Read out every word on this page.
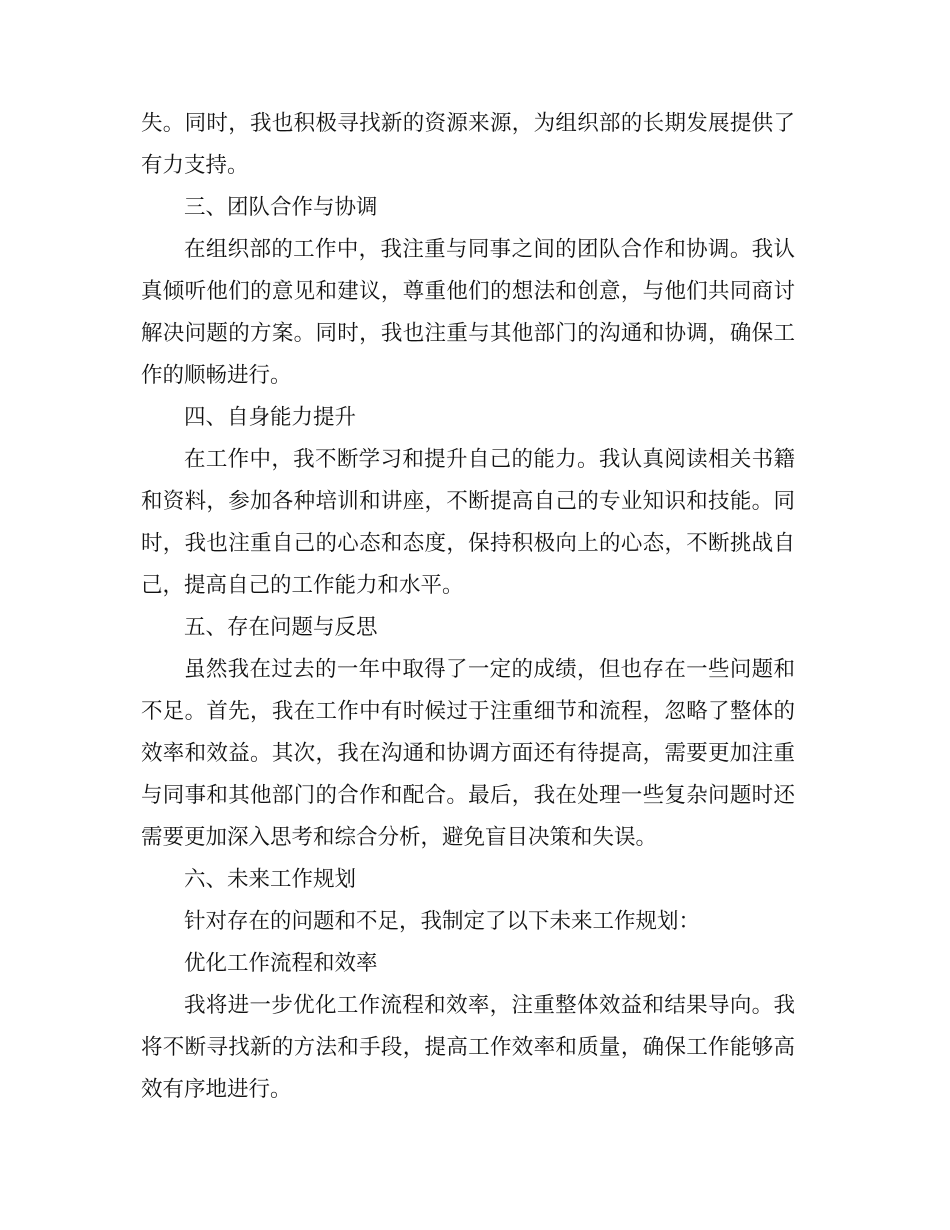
失。同时，我也积极寻找新的资源来源，为组织部的长期发展提供了有力支持。

三、团队合作与协调

在组织部的工作中，我注重与同事之间的团队合作和协调。我认真倾听他们的意见和建议，尊重他们的想法和创意，与他们共同商讨解决问题的方案。同时，我也注重与其他部门的沟通和协调，确保工作的顺畅进行。

四、自身能力提升

在工作中，我不断学习和提升自己的能力。我认真阅读相关书籍和资料，参加各种培训和讲座，不断提高自己的专业知识和技能。同时，我也注重自己的心态和态度，保持积极向上的心态，不断挑战自己，提高自己的工作能力和水平。

五、存在问题与反思

虽然我在过去的一年中取得了一定的成绩，但也存在一些问题和不足。首先，我在工作中有时候过于注重细节和流程，忽略了整体的效率和效益。其次，我在沟通和协调方面还有待提高，需要更加注重与同事和其他部门的合作和配合。最后，我在处理一些复杂问题时还需要更加深入思考和综合分析，避免盲目决策和失误。

六、未来工作规划

针对存在的问题和不足，我制定了以下未来工作规划：

优化工作流程和效率

我将进一步优化工作流程和效率，注重整体效益和结果导向。我将不断寻找新的方法和手段，提高工作效率和质量，确保工作能够高效有序地进行。
